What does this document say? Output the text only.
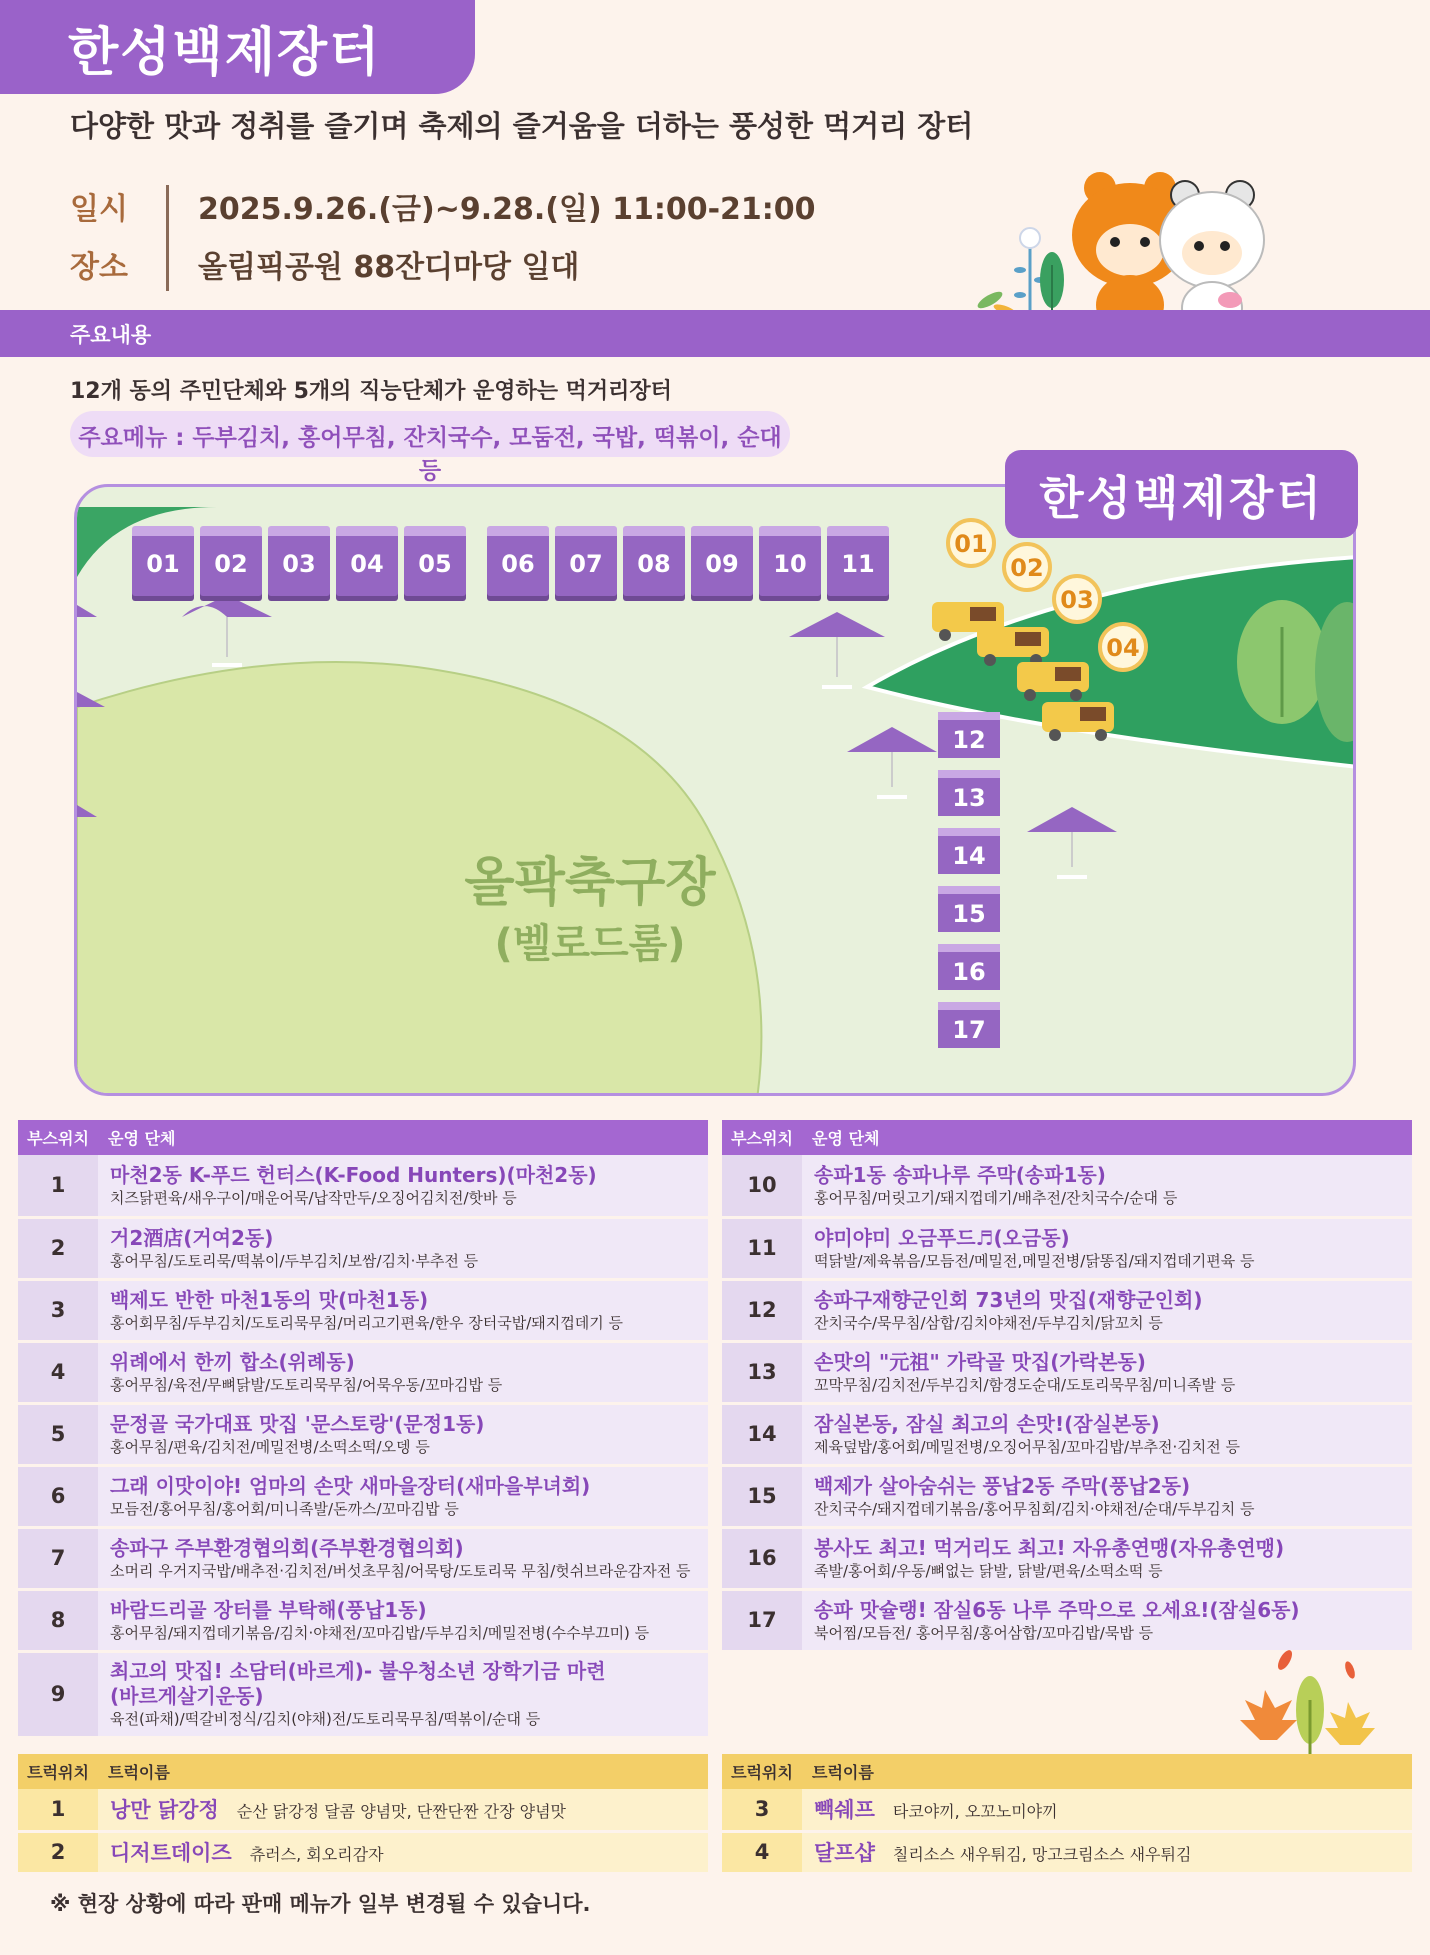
한성백제장터
다양한 맛과 정취를 즐기며 축제의 즐거움을 더하는 풍성한 먹거리 장터
일시 2025.9.26.(금)~9.28.(일) 11:00-21:00
장소 올림픽공원 88잔디마당 일대
주요내용
12개 동의 주민단체와 5개의 직능단체가 운영하는 먹거리장터
주요메뉴 : 두부김치, 홍어무침, 잔치국수, 모둠전, 국밥, 떡볶이, 순대 등	한성백제장터
올팍축구장
(벨로드롬)
01	02	03	04	05	06	07	08	09	10	11
12
13
14
15
16
17
01
02
03
04
부스위치	운영 단체
1	마천2동 K-푸드 헌터스(K-Food Hunters)(마천2동)
치즈닭편육/새우구이/매운어묵/납작만두/오징어김치전/핫바 등

2	거2酒店(거여2동)
홍어무침/도토리묵/떡볶이/두부김치/보쌈/김치·부추전 등

3	백제도 반한 마천1동의 맛(마천1동)
홍어회무침/두부김치/도토리묵무침/머리고기편육/한우 장터국밥/돼지껍데기 등

4	위례에서 한끼 합소(위례동)
홍어무침/육전/무뼈닭발/도토리묵무침/어묵우동/꼬마김밥 등

5	문정골 국가대표 맛집 '문스토랑'(문정1동)
홍어무침/편육/김치전/메밀전병/소떡소떡/오뎅 등

6	그래 이맛이야! 엄마의 손맛 새마을장터(새마을부녀회)
모듬전/홍어무침/홍어회/미니족발/돈까스/꼬마김밥 등

7	송파구 주부환경협의회(주부환경협의회)
소머리 우거지국밥/배추전·김치전/버섯초무침/어묵탕/도토리묵 무침/헛쉬브라운감자전 등

8	바람드리골 장터를 부탁해(풍납1동)
홍어무침/돼지껍데기볶음/김치·야채전/꼬마김밥/두부김치/메밀전병(수수부끄미) 등

9	최고의 맛집! 소담터(바르게)- 불우청소년 장학기금 마련
(바르게살기운동)
육전(파채)/떡갈비정식/김치(야채)전/도토리묵무침/떡볶이/순대 등
부스위치	운영 단체
10	송파1동 송파나루 주막(송파1동)
홍어무침/머릿고기/돼지껍데기/배추전/잔치국수/순대 등

11	야미야미 오금푸드♬(오금동)
떡닭발/제육볶음/모듬전/메밀전,메밀전병/닭똥집/돼지껍데기편육 등

12	송파구재향군인회 73년의 맛집(재향군인회)
잔치국수/묵무침/삼합/김치야채전/두부김치/닭꼬치 등

13	손맛의 "元祖" 가락골 맛집(가락본동)
꼬막무침/김치전/두부김치/함경도순대/도토리묵무침/미니족발 등

14	잠실본동, 잠실 최고의 손맛!(잠실본동)
제육덮밥/홍어회/메밀전병/오징어무침/꼬마김밥/부추전·김치전 등

15	백제가 살아숨쉬는 풍납2동 주막(풍납2동)
잔치국수/돼지껍데기볶음/홍어무침회/김치·야채전/순대/두부김치 등

16	봉사도 최고! 먹거리도 최고! 자유총연맹(자유총연맹)
족발/홍어회/우동/뼈없는 닭발, 닭발/편육/소떡소떡 등

17	송파 맛슐랭! 잠실6동 나루 주막으로 오세요!(잠실6동)
북어찜/모듬전/ 홍어무침/홍어삼합/꼬마김밥/묵밥 등
트럭위치	트럭이름
1	낭만 닭강정 순산 닭강정 달콤 양념맛, 단짠단짠 간장 양념맛
2	디저트데이즈 츄러스, 회오리감자
트럭위치	트럭이름
3	빽쉐프 타코야끼, 오꼬노미야끼
4	달프샵 칠리소스 새우튀김, 망고크림소스 새우튀김
※ 현장 상황에 따라 판매 메뉴가 일부 변경될 수 있습니다.
